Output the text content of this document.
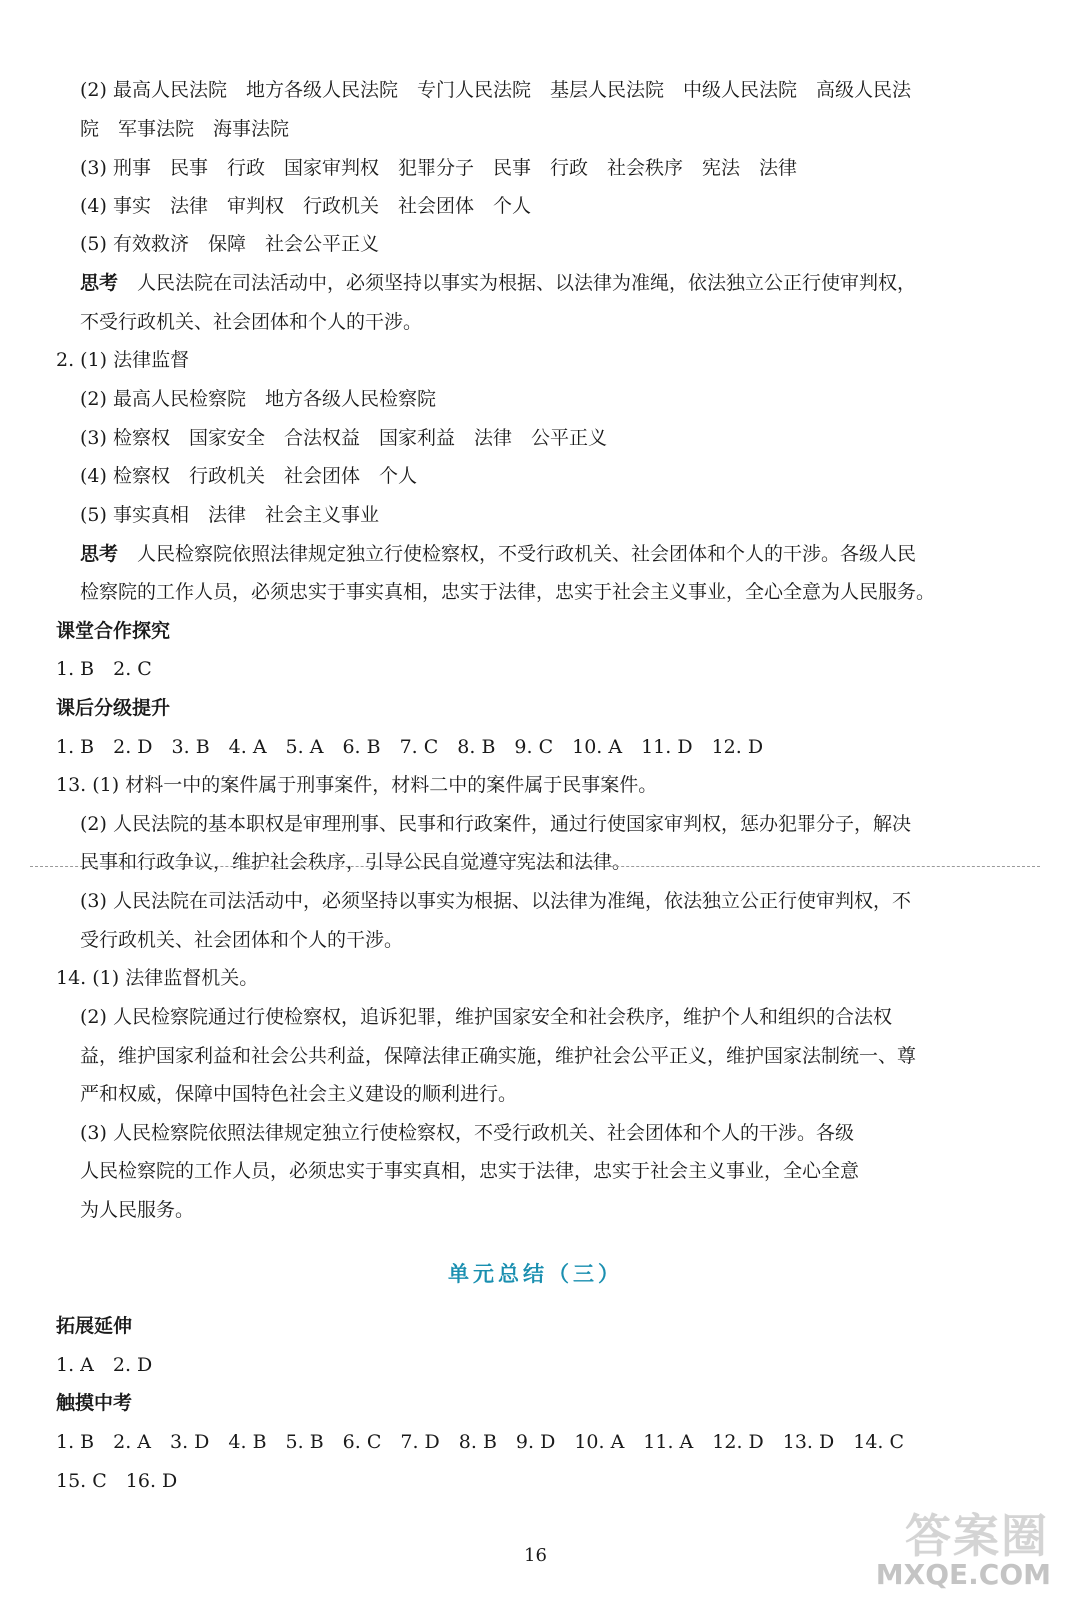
(2) 最高人民法院　地方各级人民法院　专门人民法院　基层人民法院　中级人民法院　高级人民法
院　军事法院　海事法院
(3) 刑事　民事　行政　国家审判权　犯罪分子　民事　行政　社会秩序　宪法　法律
(4) 事实　法律　审判权　行政机关　社会团体　个人
(5) 有效救济　保障　社会公平正义
思考　 人民法院在司法活动中，必须坚持以事实为根据、以法律为准绳，依法独立公正行使审判权，
不受行政机关、社会团体和个人的干涉。
2. (1) 法律监督
(2) 最高人民检察院　地方各级人民检察院
(3) 检察权　国家安全　合法权益　国家利益　法律　公平正义
(4) 检察权　行政机关　社会团体　个人
(5) 事实真相　法律　社会主义事业
思考　 人民检察院依照法律规定独立行使检察权，不受行政机关、社会团体和个人的干涉。各级人民
检察院的工作人员，必须忠实于事实真相，忠实于法律，忠实于社会主义事业，全心全意为人民服务。
课堂合作探究
1. B　2. C
课后分级提升
1. B　2. D　3. B　4. A　5. A　6. B　7. C　8. B　9. C　10. A　11. D　12. D
13. (1) 材料一中的案件属于刑事案件，材料二中的案件属于民事案件。
(2) 人民法院的基本职权是审理刑事、民事和行政案件，通过行使国家审判权，惩办犯罪分子，解决
民事和行政争议，维护社会秩序，引导公民自觉遵守宪法和法律。
(3) 人民法院在司法活动中，必须坚持以事实为根据、以法律为准绳，依法独立公正行使审判权，不
受行政机关、社会团体和个人的干涉。
14. (1) 法律监督机关。
(2) 人民检察院通过行使检察权，追诉犯罪，维护国家安全和社会秩序，维护个人和组织的合法权
益，维护国家利益和社会公共利益，保障法律正确实施，维护社会公平正义，维护国家法制统一、尊
严和权威，保障中国特色社会主义建设的顺利进行。
(3) 人民检察院依照法律规定独立行使检察权，不受行政机关、社会团体和个人的干涉。各级
人民检察院的工作人员，必须忠实于事实真相，忠实于法律，忠实于社会主义事业，全心全意
为人民服务。
单元总结（三）
拓展延伸
1. A　2. D
触摸中考
1. B　2. A　3. D　4. B　5. B　6. C　7. D　8. B　9. D　10. A　11. A　12. D　13. D　14. C
15. C　16. D
16	答案圈
MXQE.COM
